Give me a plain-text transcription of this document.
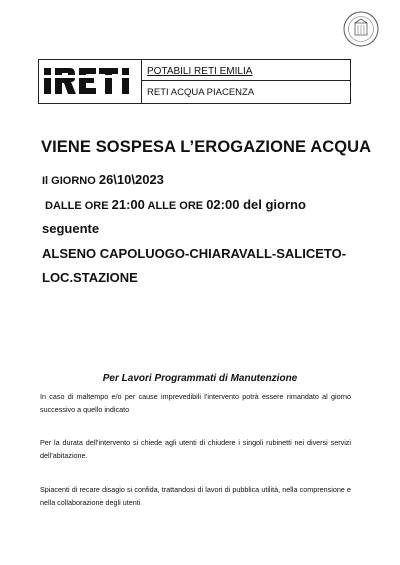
POTABILI RETI EMILIA
RETI ACQUA PIACENZA
VIENE SOSPESA L’EROGAZIONE ACQUA
Il GIORNO 26\10\2023
DALLE ORE 21:00 ALLE ORE 02:00 del giorno
seguente
ALSENO CAPOLUOGO-CHIARAVALL-SALICETO-
LOC.STAZIONE
Per Lavori Programmati di Manutenzione
In caso di maltempo e/o per cause imprevedibili l’intervento potrà essere rimandato al giorno successivo a quello indicato
Per la durata dell’intervento si chiede agli utenti di chiudere i singoli rubinetti nei diversi servizi dell’abitazione.
Spiacenti di recare disagio si confida, trattandosi di lavori di pubblica utilità, nella comprensione e nella collaborazione degli utenti
